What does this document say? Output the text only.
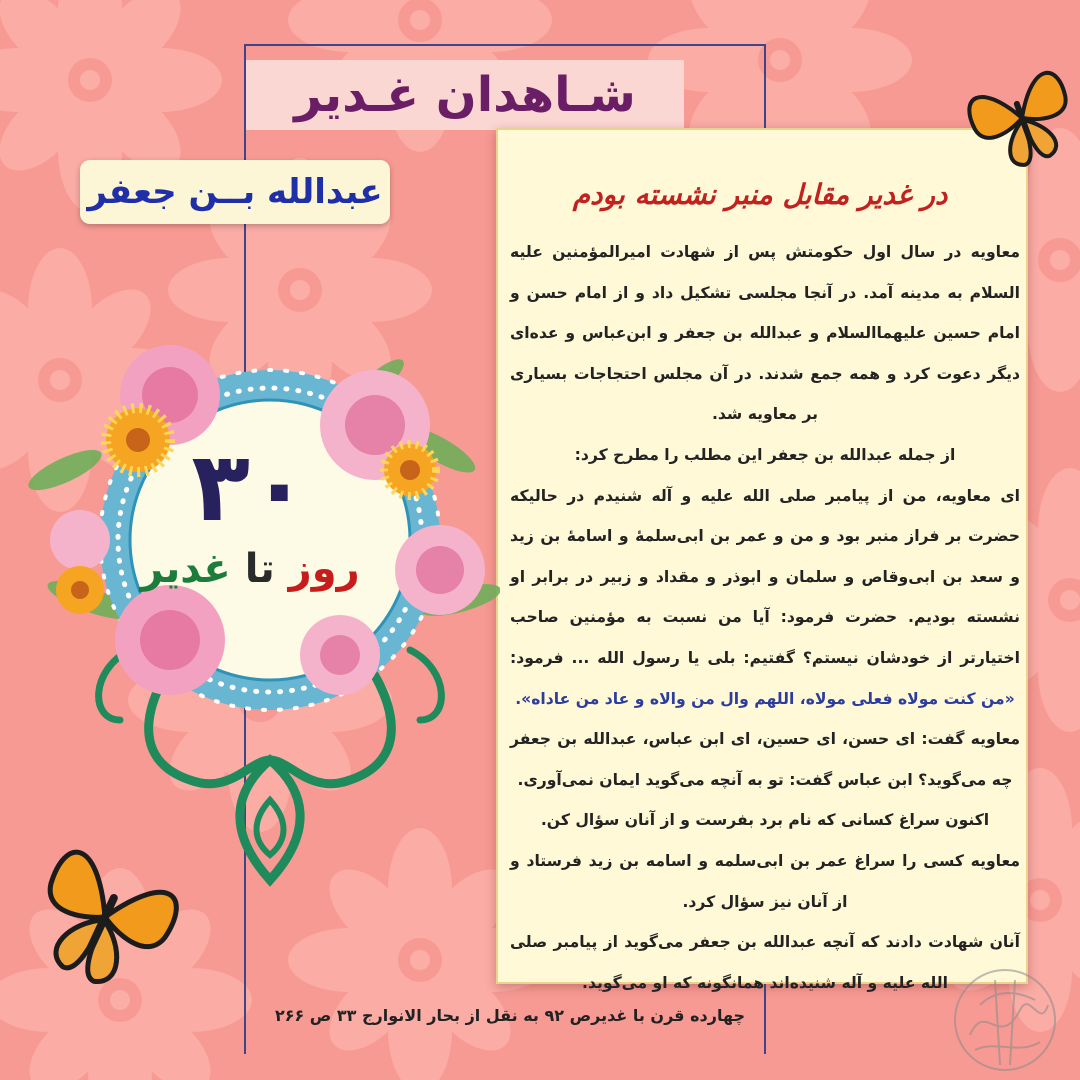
شـاهدان غـدیر
عبدالله بــن جعفر	در غدیر مقابل منبر نشسته بودم

معاویه در سال اول حکومتش پس از شهادت امیرالمؤمنین علیه السلام به مدینه آمد. در آنجا مجلسی تشکیل داد و از امام حسن و امام حسین علیهماالسلام و عبدالله بن جعفر و ابن‌عباس و عده‌ای دیگر دعوت کرد و همه جمع شدند. در آن مجلس احتجاجات بسیاری بر معاویه شد.

از جمله عبدالله بن جعفر این مطلب را مطرح کرد:

ای معاویه، من از پیامبر صلی الله علیه و آله شنیدم در حالیکه حضرت بر فراز منبر بود و من و عمر بن ابی‌سلمهٔ و اسامهٔ بن زید و سعد بن ابی‌وقاص و سلمان و ابوذر و مقداد و زبیر در برابر او نشسته بودیم. حضرت فرمود: آیا من نسبت به مؤمنین صاحب اختیارتر از خودشان نیستم؟ گفتیم: بلی یا رسول الله ... فرمود: «من کنت مولاه فعلی مولاه، اللهم وال من والاه و عاد من عاداه».

معاویه گفت: ای حسن، ای حسین، ای ابن عباس، عبدالله بن جعفر چه می‌گوید؟ ابن عباس گفت: تو به آنچه می‌گوید ایمان نمی‌آوری.

اکنون سراغ کسانی که نام برد بفرست و از آنان سؤال کن.

معاویه کسی را سراغ عمر بن ابی‌سلمه و اسامه بن زید فرستاد و از آنان نیز سؤال کرد.

آنان شهادت دادند که آنچه عبدالله بن جعفر می‌گوید از پیامبر صلی الله علیه و آله شنیده‌اند همانگونه که او می‌گوید.

۳۰
روز تا غدیر
چهارده قرن با غدیرص ۹۲ به نقل از بحار الانوارج ۳۳ ص ۲۶۶
